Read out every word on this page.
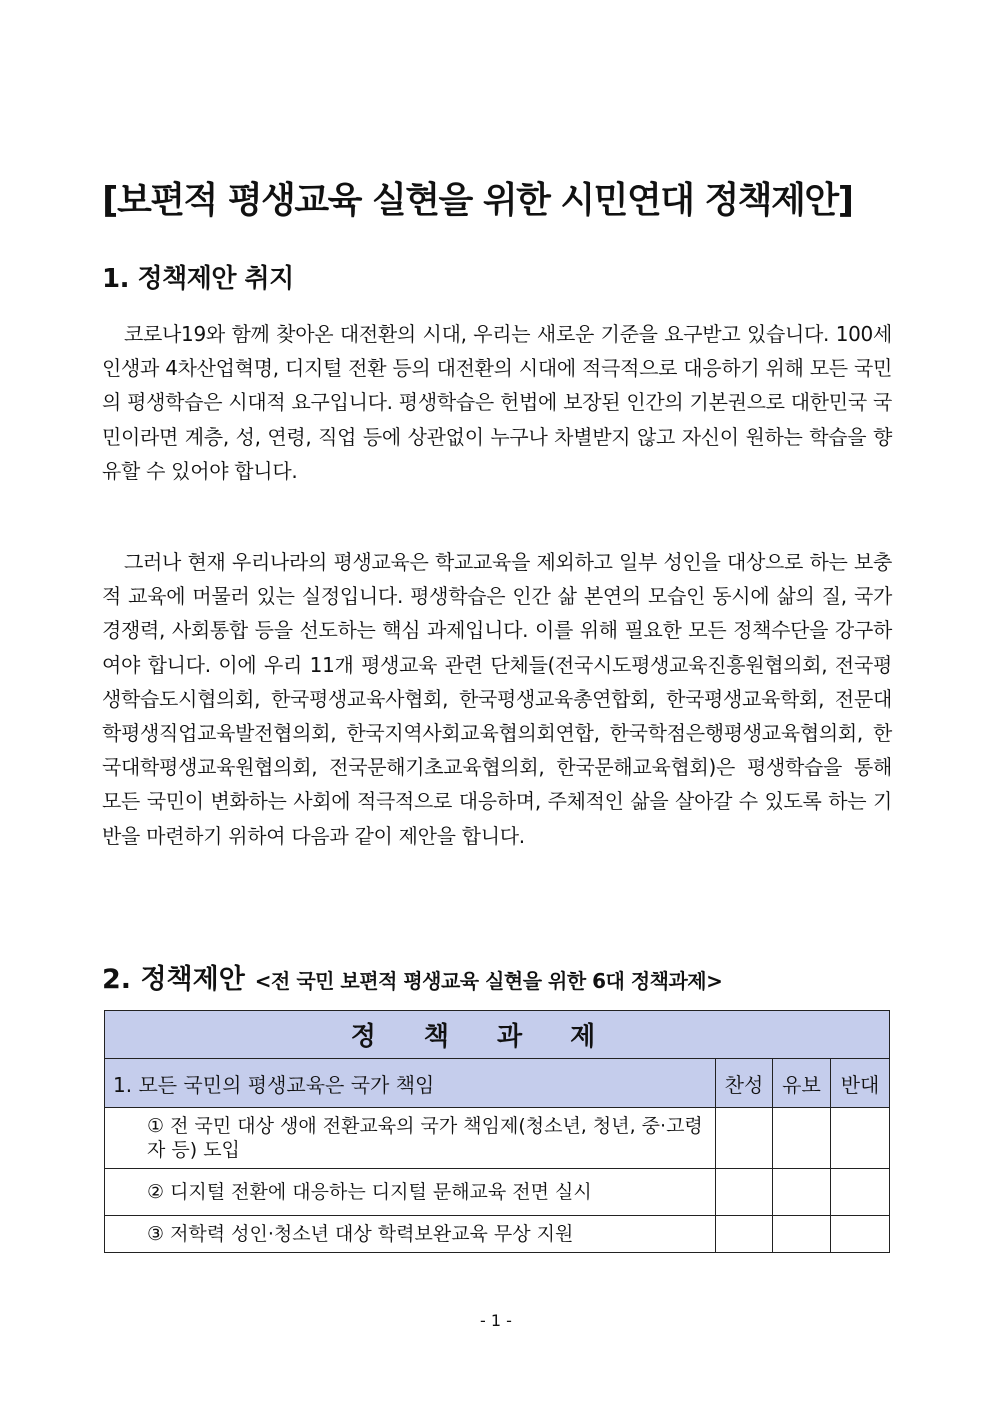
[보편적 평생교육 실현을 위한 시민연대 정책제안]
1. 정책제안 취지

코로나19와 함께 찾아온 대전환의 시대, 우리는 새로운 기준을 요구받고 있습니다. 100세 인생과 4차산업혁명, 디지털 전환 등의 대전환의 시대에 적극적으로 대응하기 위해 모든 국민의 평생학습은 시대적 요구입니다. 평생학습은 헌법에 보장된 인간의 기본권으로 대한민국 국민이라면 계층, 성, 연령, 직업 등에 상관없이 누구나 차별받지 않고 자신이 원하는 학습을 향유할 수 있어야 합니다.

그러나 현재 우리나라의 평생교육은 학교교육을 제외하고 일부 성인을 대상으로 하는 보충적 교육에 머물러 있는 실정입니다. 평생학습은 인간 삶 본연의 모습인 동시에 삶의 질, 국가경쟁력, 사회통합 등을 선도하는 핵심 과제입니다. 이를 위해 필요한 모든 정책수단을 강구하여야 합니다. 이에 우리 11개 평생교육 관련 단체들(전국시도평생교육진흥원협의회, 전국평생학습도시협의회, 한국평생교육사협회, 한국평생교육총연합회, 한국평생교육학회, 전문대학평생직업교육발전협의회, 한국지역사회교육협의회연합, 한국학점은행평생교육협의회, 한국대학평생교육원협의회, 전국문해기초교육협의회, 한국문해교육협회)은 평생학습을 통해 모든 국민이 변화하는 사회에 적극적으로 대응하며, 주체적인 삶을 살아갈 수 있도록 하는 기반을 마련하기 위하여 다음과 같이 제안을 합니다.

2. 정책제안 <전 국민 보편적 평생교육 실현을 위한 6대 정책과제>
정책과제			
1. 모든 국민의 평생교육은 국가 책임	찬성	유보	반대

① 전 국민 대상 생애 전환교육의 국가 책임제(청소년, 청년, 중·고령자 등) 도입			

② 디지털 전환에 대응하는 디지털 문해교육 전면 실시			

③ 저학력 성인·청소년 대상 학력보완교육 무상 지원			

- 1 -
